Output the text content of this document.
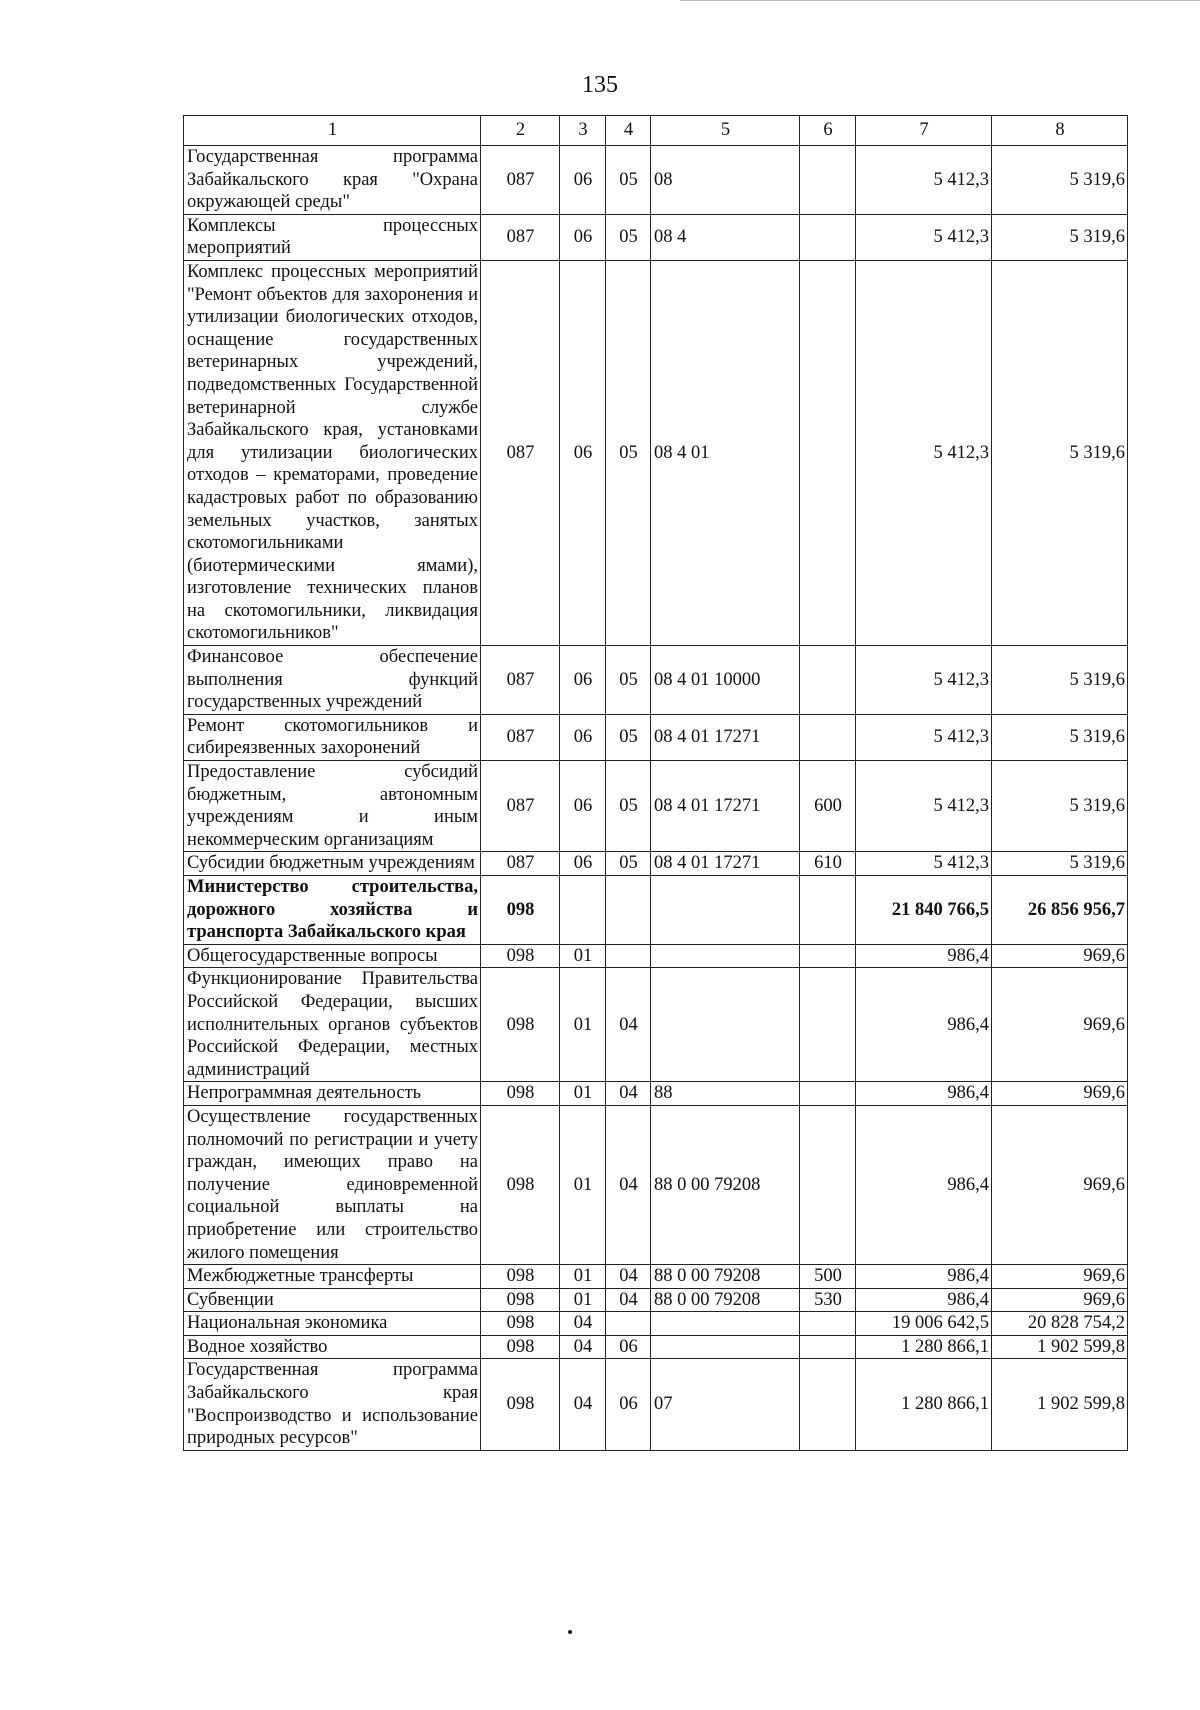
135
1	2	3	4	5	6	7	8
Государственная программа Забайкальского края "Охрана окружающей среды"	087	06	05	08		5 412,3	5 319,6
Комплексы процессных мероприятий	087	06	05	08 4		5 412,3	5 319,6
Комплекс процессных мероприятий "Ремонт объектов для захоронения и утилизации биологических отходов, оснащение государственных ветеринарных учреждений, подведомственных Государственной ветеринарной службе Забайкальского края, установками для утилизации биологических отходов – крематорами, проведение кадастровых работ по образованию земельных участков, занятых скотомогильниками (биотермическими ямами), изготовление технических планов на скотомогильники, ликвидация скотомогильников"	087	06	05	08 4 01		5 412,3	5 319,6
Финансовое обеспечение выполнения функций государственных учреждений	087	06	05	08 4 01 10000		5 412,3	5 319,6
Ремонт скотомогильников и сибиреязвенных захоронений	087	06	05	08 4 01 17271		5 412,3	5 319,6
Предоставление субсидий бюджетным, автономным учреждениям и иным некоммерческим организациям	087	06	05	08 4 01 17271	600	5 412,3	5 319,6
Субсидии бюджетным учреждениям	087	06	05	08 4 01 17271	610	5 412,3	5 319,6
Министерство строительства, дорожного хозяйства и транспорта Забайкальского края	098					21 840 766,5	26 856 956,7
Общегосударственные вопросы	098	01				986,4	969,6
Функционирование Правительства Российской Федерации, высших исполнительных органов субъектов Российской Федерации, местных администраций	098	01	04			986,4	969,6
Непрограммная деятельность	098	01	04	88		986,4	969,6
Осуществление государственных полномочий по регистрации и учету граждан, имеющих право на получение единовременной социальной выплаты на приобретение или строительство жилого помещения	098	01	04	88 0 00 79208		986,4	969,6
Межбюджетные трансферты	098	01	04	88 0 00 79208	500	986,4	969,6
Субвенции	098	01	04	88 0 00 79208	530	986,4	969,6
Национальная экономика	098	04				19 006 642,5	20 828 754,2
Водное хозяйство	098	04	06			1 280 866,1	1 902 599,8
Государственная программа Забайкальского края "Воспроизводство и использование природных ресурсов"	098	04	06	07		1 280 866,1	1 902 599,8
